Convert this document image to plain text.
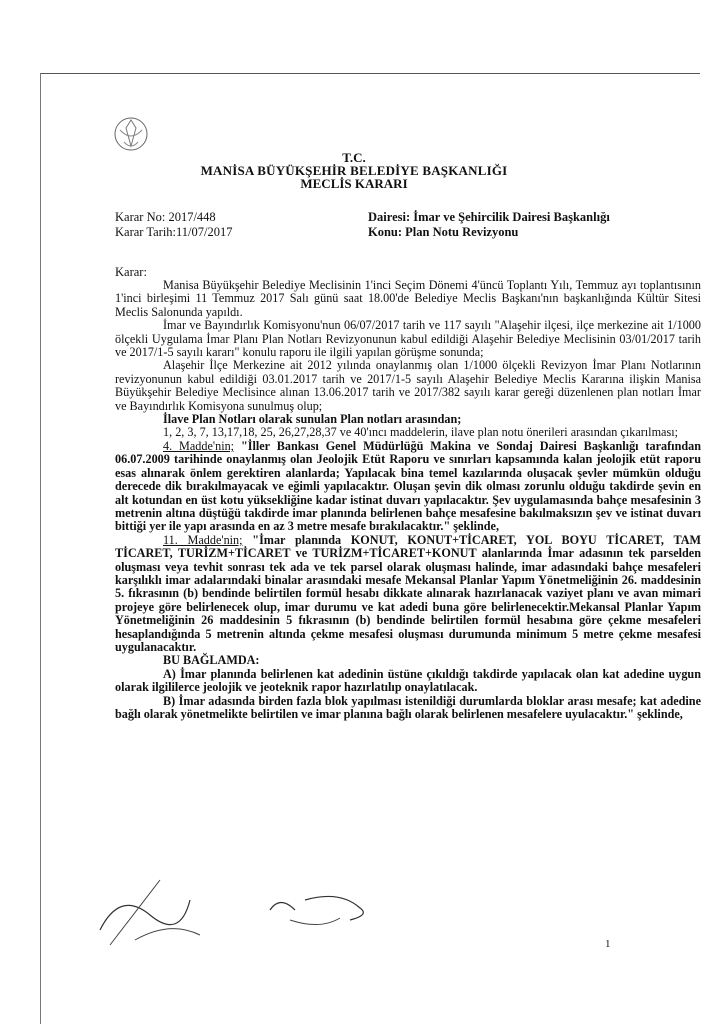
T.C.
MANİSA BÜYÜKŞEHİR BELEDİYE BAŞKANLIĞI
MECLİS KARARI
Karar No: 2017/448
Karar Tarih:11/07/2017
Dairesi: İmar ve Şehircilik Dairesi Başkanlığı
Konu: Plan Notu Revizyonu
Karar:

Manisa Büyükşehir Belediye Meclisinin 1'inci Seçim Dönemi 4'üncü Toplantı Yılı, Temmuz ayı toplantısının 1'inci birleşimi 11 Temmuz 2017 Salı günü saat 18.00'de Belediye Meclis Başkanı'nın başkanlığında Kültür Sitesi Meclis Salonunda yapıldı.

İmar ve Bayındırlık Komisyonu'nun 06/07/2017 tarih ve 117 sayılı "Alaşehir ilçesi, ilçe merkezine ait 1/1000 ölçekli Uygulama İmar Planı Plan Notları Revizyonunun kabul edildiği Alaşehir Belediye Meclisinin 03/01/2017 tarih ve 2017/1-5 sayılı kararı" konulu raporu ile ilgili yapılan görüşme sonunda;

Alaşehir İlçe Merkezine ait 2012 yılında onaylanmış olan 1/1000 ölçekli Revizyon İmar Planı Notlarının revizyonunun kabul edildiği 03.01.2017 tarih ve 2017/1-5 sayılı Alaşehir Belediye Meclis Kararına ilişkin Manisa Büyükşehir Belediye Meclisince alınan 13.06.2017 tarih ve 2017/382 sayılı karar gereği düzenlenen plan notları İmar ve Bayındırlık Komisyona sunulmuş olup;

İlave Plan Notları olarak sunulan Plan notları arasından;

1, 2, 3, 7, 13,17,18, 25, 26,27,28,37 ve 40'ıncı maddelerin, ilave plan notu önerileri arasından çıkarılması;

4. Madde'nin; "İller Bankası Genel Müdürlüğü Makina ve Sondaj Dairesi Başkanlığı tarafından 06.07.2009 tarihinde onaylanmış olan Jeolojik Etüt Raporu ve sınırları kapsamında kalan jeolojik etüt raporu esas alınarak önlem gerektiren alanlarda; Yapılacak bina temel kazılarında oluşacak şevler mümkün olduğu derecede dik bırakılmayacak ve eğimli yapılacaktır. Oluşan şevin dik olması zorunlu olduğu takdirde şevin en alt kotundan en üst kotu yüksekliğine kadar istinat duvarı yapılacaktır. Şev uygulamasında bahçe mesafesinin 3 metrenin altına düştüğü takdirde imar planında belirlenen bahçe mesafesine bakılmaksızın şev ve istinat duvarı bittiği yer ile yapı arasında en az 3 metre mesafe bırakılacaktır." şeklinde,

11. Madde'nin; "İmar planında KONUT, KONUT+TİCARET, YOL BOYU TİCARET, TAM TİCARET, TURİZM+TİCARET ve TURİZM+TİCARET+KONUT alanlarında İmar adasının tek parselden oluşması veya tevhit sonrası tek ada ve tek parsel olarak oluşması halinde, imar adasındaki bahçe mesafeleri karşılıklı imar adalarındaki binalar arasındaki mesafe Mekansal Planlar Yapım Yönetmeliğinin 26. maddesinin 5. fıkrasının (b) bendinde belirtilen formül hesabı dikkate alınarak hazırlanacak vaziyet planı ve avan mimari projeye göre belirlenecek olup, imar durumu ve kat adedi buna göre belirlenecektir.Mekansal Planlar Yapım Yönetmeliğinin 26 maddesinin 5 fıkrasının (b) bendinde belirtilen formül hesabına göre çekme mesafeleri hesaplandığında 5 metrenin altında çekme mesafesi oluşması durumunda minimum 5 metre çekme mesafesi uygulanacaktır.

BU BAĞLAMDA:

A) İmar planında belirlenen kat adedinin üstüne çıkıldığı takdirde yapılacak olan kat adedine uygun olarak ilgililerce jeolojik ve jeoteknik rapor hazırlatılıp onaylatılacak.

B) İmar adasında birden fazla blok yapılması istenildiği durumlarda bloklar arası mesafe; kat adedine bağlı olarak yönetmelikte belirtilen ve imar planına bağlı olarak belirlenen mesafelere uyulacaktır." şeklinde,

1
